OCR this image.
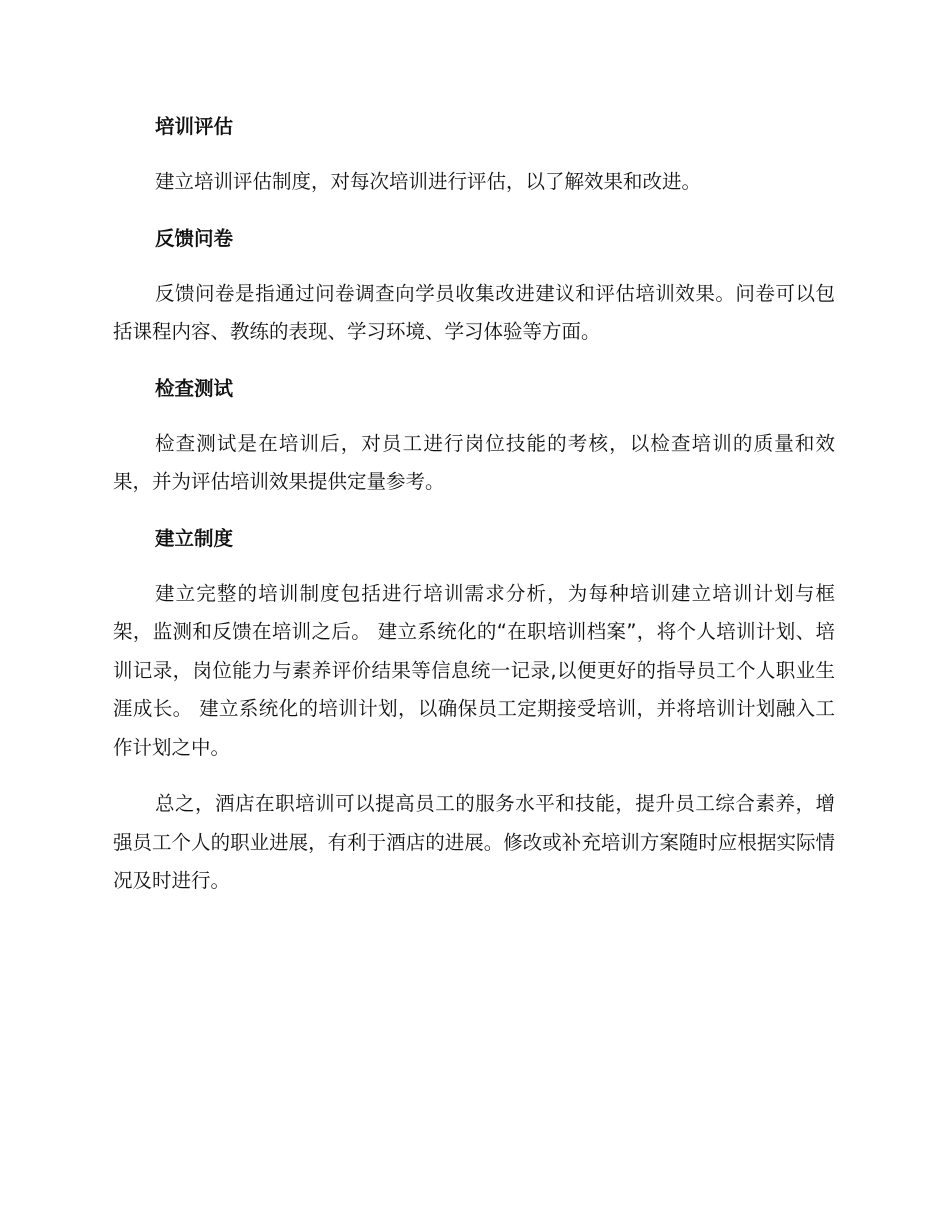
培训评估

建立培训评估制度，对每次培训进行评估，以了解效果和改进。

反馈问卷

反馈问卷是指通过问卷调查向学员收集改进建议和评估培训效果。问卷可以包括课程内容、教练的表现、学习环境、学习体验等方面。

检查测试

检查测试是在培训后，对员工进行岗位技能的考核，以检查培训的质量和效果，并为评估培训效果提供定量参考。

建立制度

建立完整的培训制度包括进行培训需求分析，为每种培训建立培训计划与框架，监测和反馈在培训之后。 建立系统化的“在职培训档案”，将个人培训计划、培训记录，岗位能力与素养评价结果等信息统一记录,以便更好的指导员工个人职业生涯成长。 建立系统化的培训计划，以确保员工定期接受培训，并将培训计划融入工作计划之中。

总之，酒店在职培训可以提高员工的服务水平和技能，提升员工综合素养，增强员工个人的职业进展，有利于酒店的进展。修改或补充培训方案随时应根据实际情况及时进行。
